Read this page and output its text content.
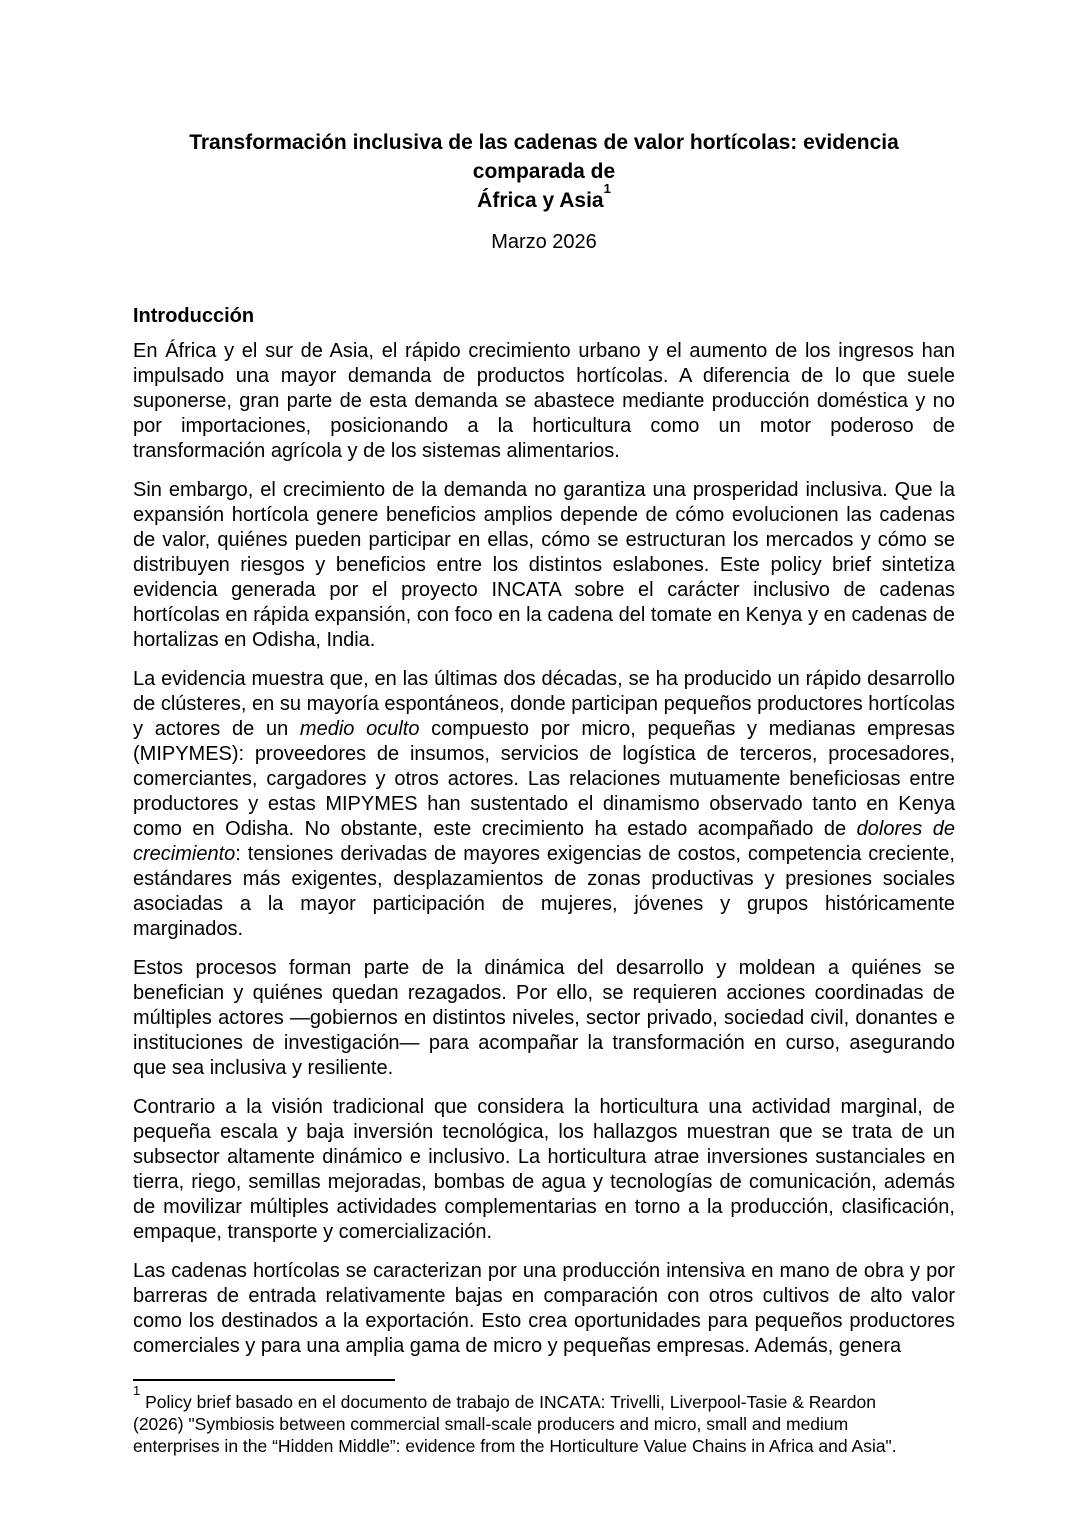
Transformación inclusiva de las cadenas de valor hortícolas: evidencia comparada de
África y Asia$^1$

Marzo 2026

Introducción

En África y el sur de Asia, el rápido crecimiento urbano y el aumento de los ingresos han impulsado una mayor demanda de productos hortícolas. A diferencia de lo que suele suponerse, gran parte de esta demanda se abastece mediante producción doméstica y no por importaciones, posicionando a la horticultura como un motor poderoso de transformación agrícola y de los sistemas alimentarios.

Sin embargo, el crecimiento de la demanda no garantiza una prosperidad inclusiva. Que la expansión hortícola genere beneficios amplios depende de cómo evolucionen las cadenas de valor, quiénes pueden participar en ellas, cómo se estructuran los mercados y cómo se distribuyen riesgos y beneficios entre los distintos eslabones. Este policy brief sintetiza evidencia generada por el proyecto INCATA sobre el carácter inclusivo de cadenas hortícolas en rápida expansión, con foco en la cadena del tomate en Kenya y en cadenas de hortalizas en Odisha, India.

La evidencia muestra que, en las últimas dos décadas, se ha producido un rápido desarrollo de clústeres, en su mayoría espontáneos, donde participan pequeños productores hortícolas y actores de un medio oculto compuesto por micro, pequeñas y medianas empresas (MIPYMES): proveedores de insumos, servicios de logística de terceros, procesadores, comerciantes, cargadores y otros actores. Las relaciones mutuamente beneficiosas entre productores y estas MIPYMES han sustentado el dinamismo observado tanto en Kenya como en Odisha. No obstante, este crecimiento ha estado acompañado de dolores de crecimiento: tensiones derivadas de mayores exigencias de costos, competencia creciente, estándares más exigentes, desplazamientos de zonas productivas y presiones sociales asociadas a la mayor participación de mujeres, jóvenes y grupos históricamente marginados.

Estos procesos forman parte de la dinámica del desarrollo y moldean a quiénes se benefician y quiénes quedan rezagados. Por ello, se requieren acciones coordinadas de múltiples actores —gobiernos en distintos niveles, sector privado, sociedad civil, donantes e instituciones de investigación— para acompañar la transformación en curso, asegurando que sea inclusiva y resiliente.

Contrario a la visión tradicional que considera la horticultura una actividad marginal, de pequeña escala y baja inversión tecnológica, los hallazgos muestran que se trata de un subsector altamente dinámico e inclusivo. La horticultura atrae inversiones sustanciales en tierra, riego, semillas mejoradas, bombas de agua y tecnologías de comunicación, además de movilizar múltiples actividades complementarias en torno a la producción, clasificación, empaque, transporte y comercialización.

Las cadenas hortícolas se caracterizan por una producción intensiva en mano de obra y por barreras de entrada relativamente bajas en comparación con otros cultivos de alto valor como los destinados a la exportación. Esto crea oportunidades para pequeños productores comerciales y para una amplia gama de micro y pequeñas empresas. Además, genera

$^1$ Policy brief basado en el documento de trabajo de INCATA: Trivelli, Liverpool-Tasie & Reardon
(2026) "Symbiosis between commercial small-scale producers and micro, small and medium
enterprises in the “Hidden Middle”: evidence from the Horticulture Value Chains in Africa and Asia".
